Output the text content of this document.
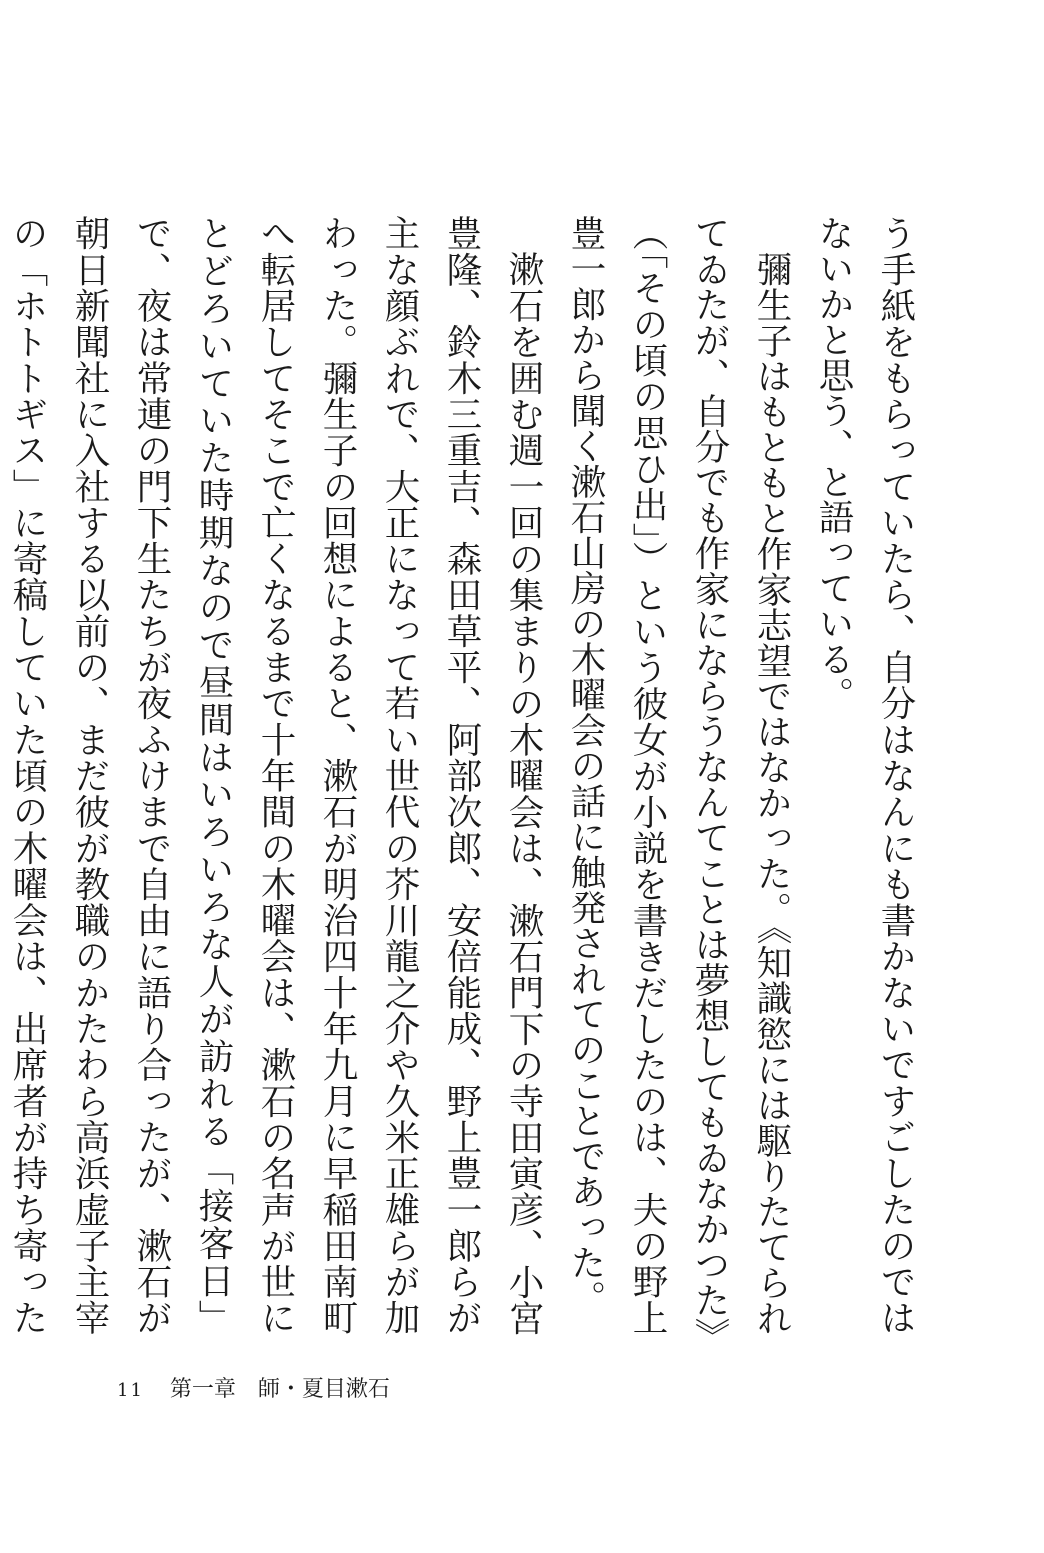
う手紙をもらっていたら、自分はなんにも書かないですごしたのではないかと思う、と語っている。

彌生子はもともと作家志望ではなかった。《知識慾には駆りたてられてゐたが、自分でも作家にならうなんてことは夢想してもゐなかつた》（「その頃の思ひ出」）という彼女が小説を書きだしたのは、夫の野上豊一郎から聞く漱石山房の木曜会の話に触発されてのことであった。

漱石を囲む週一回の集まりの木曜会は、漱石門下の寺田寅彦、小宮豊隆、鈴木三重吉、森田草平、阿部次郎、安倍能成、野上豊一郎らが主な顔ぶれで、大正になって若い世代の芥川龍之介や久米正雄らが加わった。彌生子の回想によると、漱石が明治四十年九月に早稲田南町へ転居してそこで亡くなるまで十年間の木曜会は、漱石の名声が世にとどろいていた時期なので昼間はいろいろな人が訪れる「接客日」で、夜は常連の門下生たちが夜ふけまで自由に語り合ったが、漱石が朝日新聞社に入社する以前の、まだ彼が教職のかたわら高浜虚子主宰の「ホトトギス」に寄稿していた頃の木曜会は、出席者が持ち寄った

11 第一章 師・夏目漱石
